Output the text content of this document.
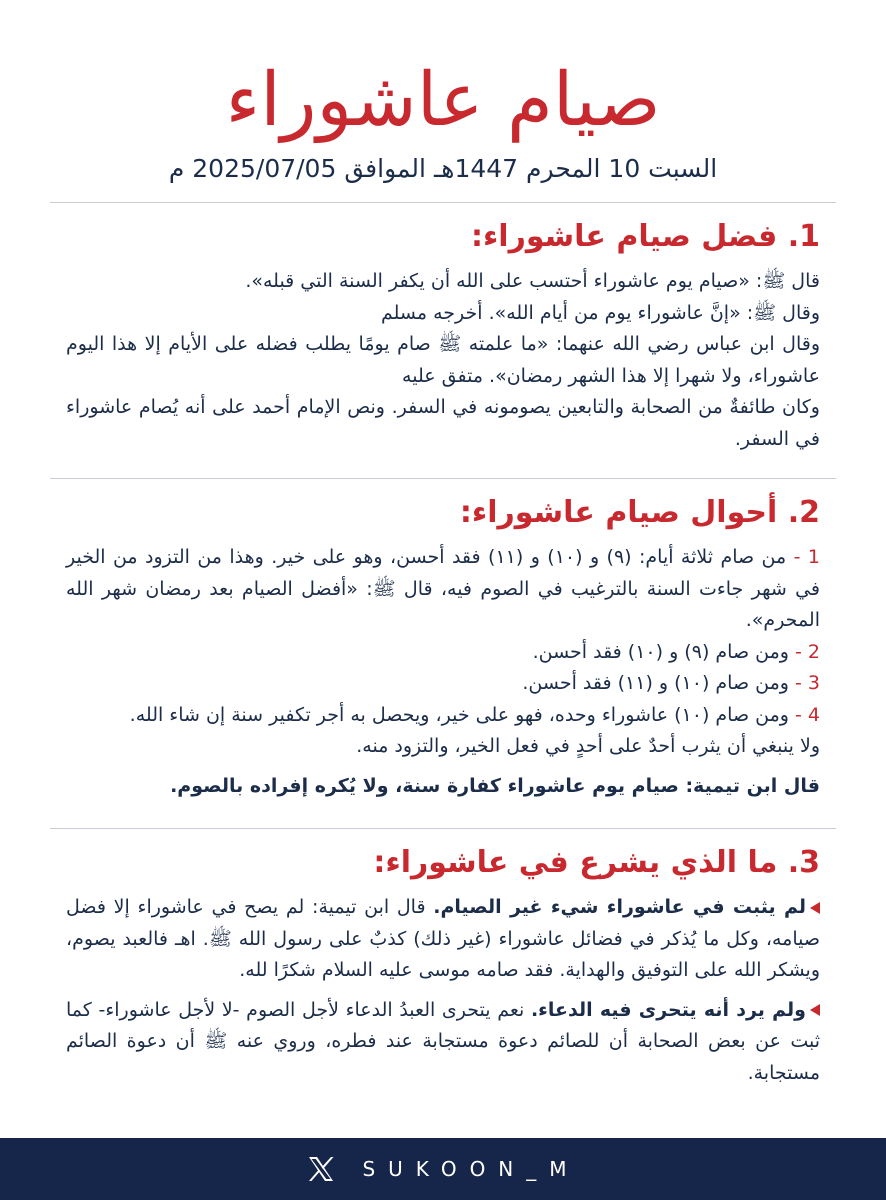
صيام عاشوراء

السبت 10 المحرم 1447هـ الموافق 2025/07/05 م

1. فضل صيام عاشوراء:

قال ﷺ: «صيام يوم عاشوراء أحتسب على الله أن يكفر السنة التي قبله».

وقال ﷺ: «إنَّ عاشوراء يوم من أيام الله». أخرجه مسلم

وقال ابن عباس رضي الله عنهما: «ما علمته ﷺ صام يومًا يطلب فضله على الأيام إلا هذا اليوم عاشوراء، ولا شهرا إلا هذا الشهر رمضان». متفق عليه

وكان طائفةٌ من الصحابة والتابعين يصومونه في السفر. ونص الإمام أحمد على أنه يُصام عاشوراء في السفر.

2. أحوال صيام عاشوراء:

1 - من صام ثلاثة أيام: (٩) و (١٠) و (١١) فقد أحسن، وهو على خير. وهذا من التزود من الخير في شهر جاءت السنة بالترغيب في الصوم فيه، قال ﷺ: «أفضل الصيام بعد رمضان شهر الله المحرم».

2 - ومن صام (٩) و (١٠) فقد أحسن.

3 - ومن صام (١٠) و (١١) فقد أحسن.

4 - ومن صام (١٠) عاشوراء وحده، فهو على خير، ويحصل به أجر تكفير سنة إن شاء الله.

ولا ينبغي أن يثرب أحدٌ على أحدٍ في فعل الخير، والتزود منه.

قال ابن تيمية: صيام يوم عاشوراء كفارة سنة، ولا يُكره إفراده بالصوم.

3. ما الذي يشرع في عاشوراء:

لم يثبت في عاشوراء شيء غير الصيام. قال ابن تيمية: لم يصح في عاشوراء إلا فضل صيامه، وكل ما يُذكر في فضائل عاشوراء (غير ذلك) كذبٌ على رسول الله ﷺ. اهـ فالعبد يصوم، ويشكر الله على التوفيق والهداية. فقد صامه موسى عليه السلام شكرًا لله.

ولم يرد أنه يتحرى فيه الدعاء. نعم يتحرى العبدُ الدعاء لأجل الصوم -لا لأجل عاشوراء- كما ثبت عن بعض الصحابة أن للصائم دعوة مستجابة عند فطره، وروي عنه ﷺ أن دعوة الصائم مستجابة.

SUKOON_M
